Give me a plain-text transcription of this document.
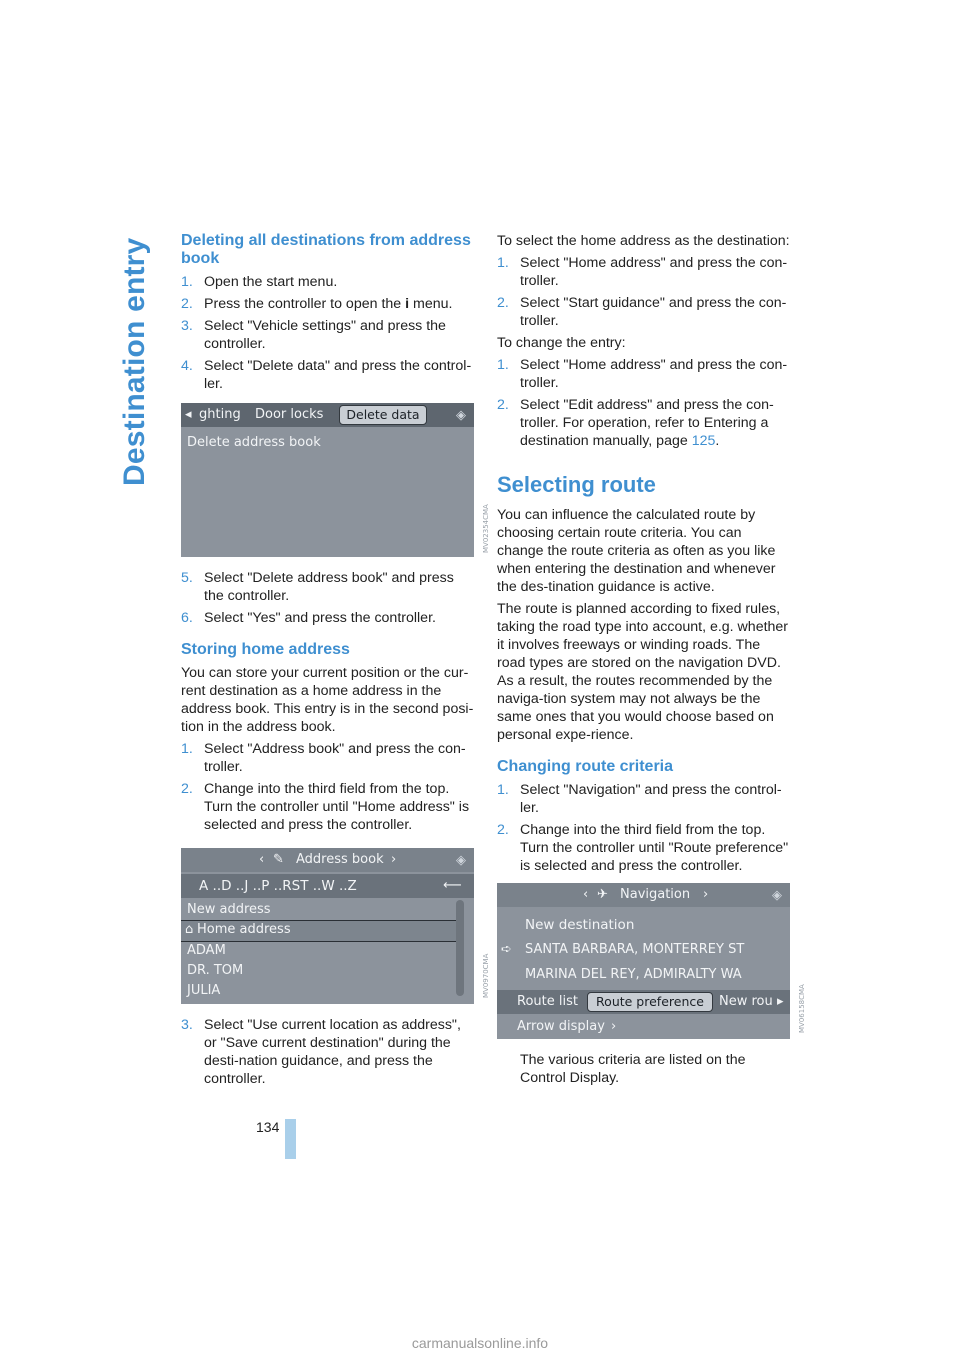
Destination entry Deleting all destinations from address book
1. Open the start menu.
2. Press the controller to open the i menu.
3. Select "Vehicle settings" and press the controller.
4. Select "Delete data" and press the control-ler.
◂ ghting Door locks	Delete data	◈
Delete address book
MV02354CMA
5. Select "Delete address book" and press the controller.
6. Select "Yes" and press the controller.
Storing home address

You can store your current position or the cur-rent destination as a home address in the address book. This entry is in the second posi-tion in the address book.

1. Select "Address book" and press the con-troller.
2. Change into the third field from the top. Turn the controller until "Home address" is selected and press the controller.
‹ ✎ Address book ›	◈
A ..D ..J ..P ..RST ..W ..Z	⟵
New address
⌂ Home address
ADAM
DR. TOM
JULIA	MV0970CMA
3. Select "Use current location as address", or "Save current destination" during the desti-nation guidance, and press the controller.

To select the home address as the destination:

1. Select "Home address" and press the con-troller.
2. Select "Start guidance" and press the con-troller.

To change the entry:

1. Select "Home address" and press the con-troller.
2. Select "Edit address" and press the con-troller. For operation, refer to Entering a destination manually, page 125.
Selecting route

You can influence the calculated route by choosing certain route criteria. You can change the route criteria as often as you like when entering the destination and whenever the des-tination guidance is active.

The route is planned according to fixed rules, taking the road type into account, e.g. whether it involves freeways or winding roads. The road types are stored on the navigation DVD. As a result, the routes recommended by the naviga-tion system may not always be the same ones that you would choose based on personal expe-rience.

Changing route criteria
1. Select "Navigation" and press the control-ler.
2. Change into the third field from the top. Turn the controller until "Route preference" is selected and press the controller.
‹ ✈ Navigation ›	◈
New destination
➪ SANTA BARBARA, MONTERREY ST
MARINA DEL REY, ADMIRALTY WA
Route list	Route preference	New rou ▸
Arrow display ›	MV06158CMA

The various criteria are listed on the Control Display.

134
carmanualsonline.info
